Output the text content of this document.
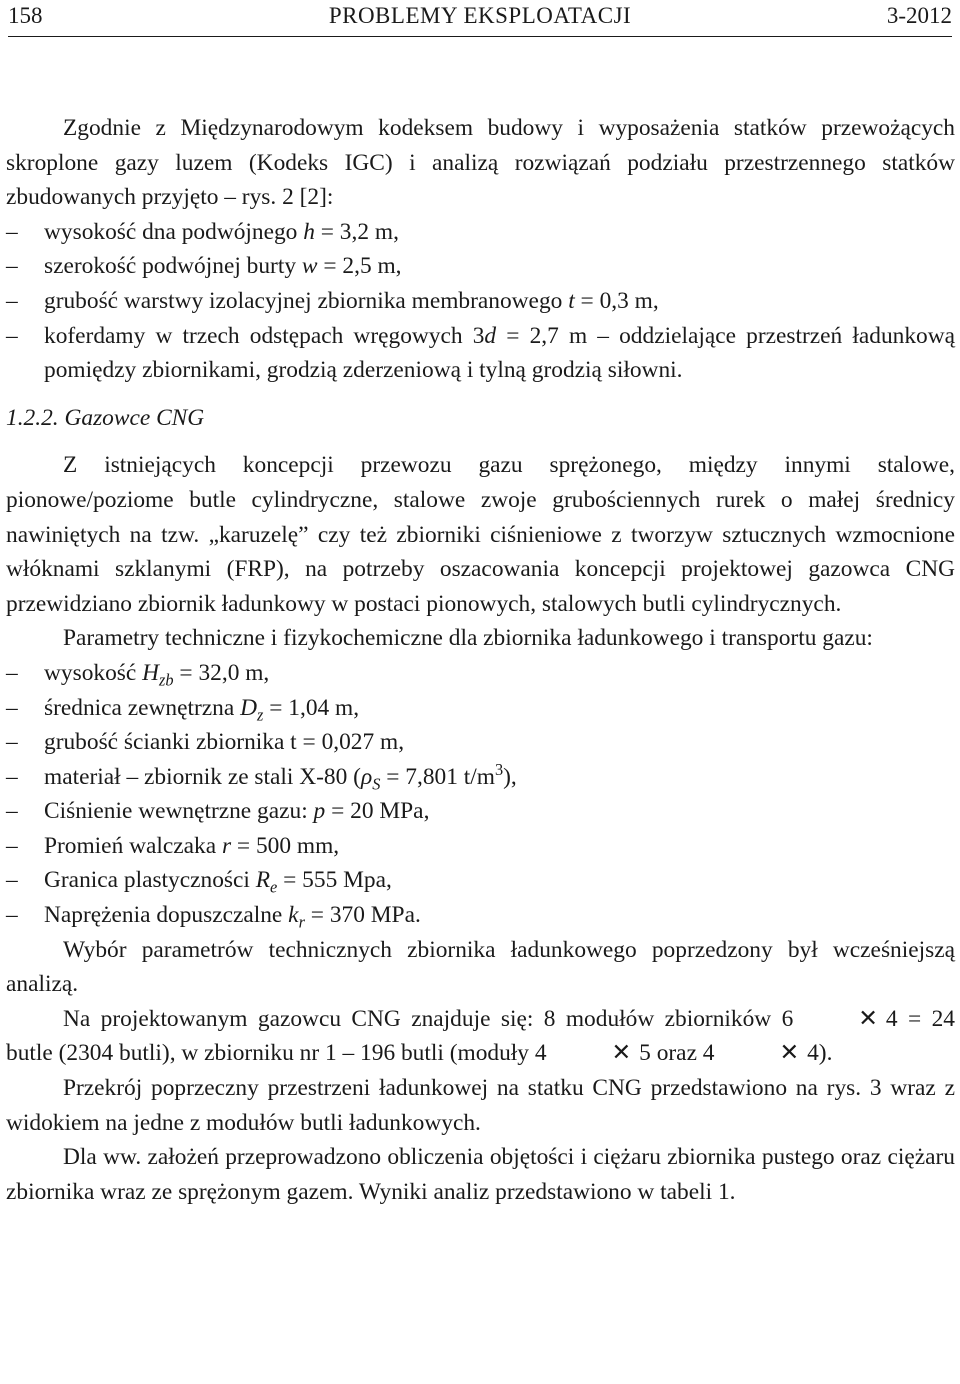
158	PROBLEMY EKSPLOATACJI	3-2012

Zgodnie z Międzynarodowym kodeksem budowy i wyposażenia statków przewożących skroplone gazy luzem (Kodeks IGC) i analizą rozwiązań podziału przestrzennego statków zbudowanych przyjęto – rys. 2 [2]:

–	wysokość dna podwójnego h = 3,2 m,
–	szerokość podwójnej burty w = 2,5 m,
–	grubość warstwy izolacyjnej zbiornika membranowego t = 0,3 m,
–	koferdamy w trzech odstępach wręgowych 3d = 2,7 m – oddzielające przestrzeń ładunkową pomiędzy zbiornikami, grodzią zderzeniową i tylną grodzią siłowni.

1.2.2. Gazowce CNG

Z istniejących koncepcji przewozu gazu sprężonego, między innymi stalowe, pionowe/poziome butle cylindryczne, stalowe zwoje grubościennych rurek o małej średnicy nawiniętych na tzw. „karuzelę” czy też zbiorniki ciśnieniowe z tworzyw sztucznych wzmocnione włóknami szklanymi (FRP), na potrzeby oszacowania koncepcji projektowej gazowca CNG przewidziano zbiornik ładunkowy w postaci pionowych, stalowych butli cylindrycznych.

Parametry techniczne i fizykochemiczne dla zbiornika ładunkowego i transportu gazu:

–	wysokość $H_{zb} = 32,0$ m,
–	średnica zewnętrzna $D_z = 1,04$ m,
–	grubość ścianki zbiornika t = 0,027 m,
–	materiał – zbiornik ze stali X-80 ($\rho_S = 7,801$ $t/m^3$),
–	Ciśnienie wewnętrzne gazu: p = 20 MPa,
–	Promień walczaka r = 500 mm,
–	Granica plastyczności $R_e = 555$ Mpa,
–	Naprężenia dopuszczalne $k_r = 370$ MPa.

Wybór parametrów technicznych zbiornika ładunkowego poprzedzony był wcześniejszą analizą.

Na projektowanym gazowcu CNG znajduje się: 8 modułów zbiorników 6	✕ 4 = 24 butle (2304 butli), w zbiorniku nr 1 – 196 butli (moduły 4	✕ 5 oraz 4	✕ 4).

Przekrój poprzeczny przestrzeni ładunkowej na statku CNG przedstawiono na rys. 3 wraz z widokiem na jedne z modułów butli ładunkowych.

Dla ww. założeń przeprowadzono obliczenia objętości i ciężaru zbiornika pustego oraz ciężaru zbiornika wraz ze sprężonym gazem. Wyniki analiz przedstawiono w tabeli 1.
